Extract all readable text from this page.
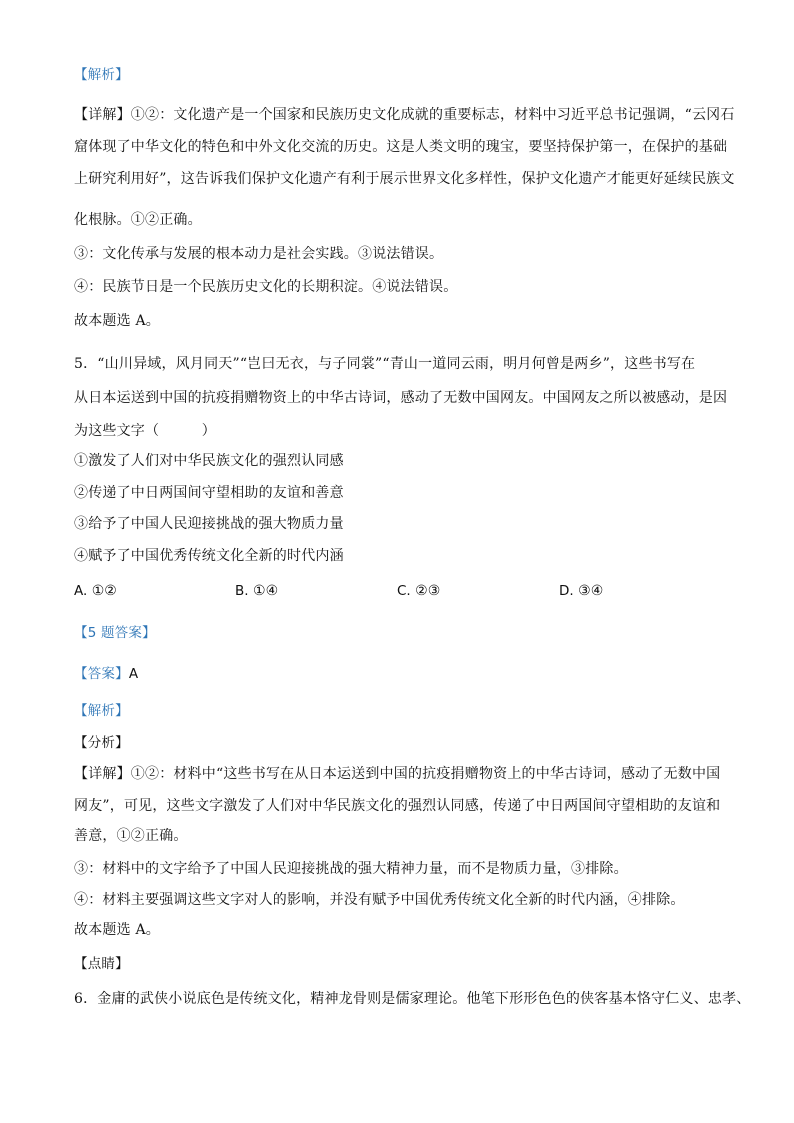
【解析】
【详解】①②：文化遗产是一个国家和民族历史文化成就的重要标志，材料中习近平总书记强调，“云冈石
窟体现了中华文化的特色和中外文化交流的历史。这是人类文明的瑰宝，要坚持保护第一，在保护的基础
上研究利用好”，这告诉我们保护文化遗产有利于展示世界文化多样性，保护文化遗产才能更好延续民族文
化根脉。①②正确。
③：文化传承与发展的根本动力是社会实践。③说法错误。
④：民族节日是一个民族历史文化的长期积淀。④说法错误。
故本题选 A。
5．“山川异域，风月同天”“岂曰无衣，与子同裳”“青山一道同云雨，明月何曾是两乡”，这些书写在
从日本运送到中国的抗疫捐赠物资上的中华古诗词，感动了无数中国网友。中国网友之所以被感动，是因
为这些文字（　　　）
①激发了人们对中华民族文化的强烈认同感
②传递了中日两国间守望相助的友谊和善意
③给予了中国人民迎接挑战的强大物质力量
④赋予了中国优秀传统文化全新的时代内涵
A. ①②	B. ①④	C. ②③	D. ③④
【5 题答案】
【答案】A
【解析】
【分析】
【详解】①②：材料中“这些书写在从日本运送到中国的抗疫捐赠物资上的中华古诗词，感动了无数中国
网友”，可见，这些文字激发了人们对中华民族文化的强烈认同感，传递了中日两国间守望相助的友谊和
善意，①②正确。
③：材料中的文字给予了中国人民迎接挑战的强大精神力量，而不是物质力量，③排除。
④：材料主要强调这些文字对人的影响，并没有赋予中国优秀传统文化全新的时代内涵，④排除。
故本题选 A。
【点睛】
6．金庸的武侠小说底色是传统文化，精神龙骨则是儒家理论。他笔下形形色色的侠客基本恪守仁义、忠孝、
